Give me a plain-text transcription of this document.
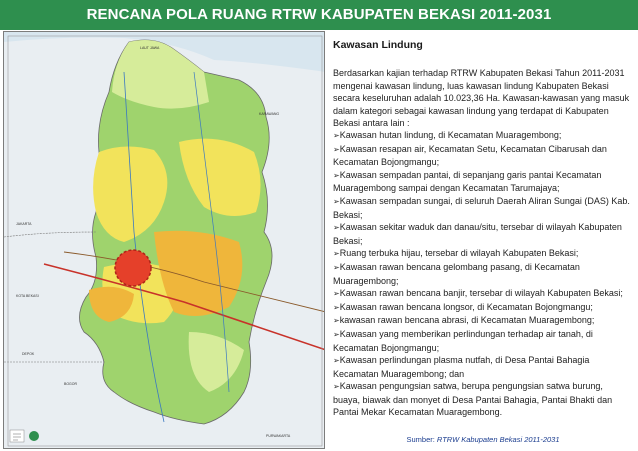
RENCANA POLA RUANG RTRW KABUPATEN BEKASI 2011-2031
LAUT JAWA
KARAWANG
JAKARTA
KOTA BEKASI
DEPOK
BOGOR
PURWAKARTA
Kawasan Lindung
Berdasarkan kajian terhadap RTRW Kabupaten Bekasi Tahun 2011-2031 mengenai kawasan lindung, luas kawasan lindung Kabupaten Bekasi secara keseluruhan adalah 10.023,36 Ha. Kawasan-kawasan yang masuk dalam kategori sebagai kawasan lindung yang terdapat di Kabupaten Bekasi antara lain :
➢Kawasan hutan lindung, di Kecamatan Muaragembong;
➢Kawasan resapan air, Kecamatan Setu, Kecamatan Cibarusah dan Kecamatan Bojongmangu;
➢Kawasan sempadan pantai, di sepanjang garis pantai Kecamatan Muaragembong sampai dengan Kecamatan Tarumajaya;
➢Kawasan sempadan sungai, di seluruh Daerah Aliran Sungai (DAS) Kab. Bekasi;
➢Kawasan sekitar waduk dan danau/situ, tersebar di wilayah Kabupaten Bekasi;
➢Ruang terbuka hijau, tersebar di wilayah Kabupaten Bekasi;
➢Kawasan rawan bencana gelombang pasang, di Kecamatan Muaragembong;
➢Kawasan rawan bencana banjir, tersebar di wilayah Kabupaten Bekasi;
➢Kawasan rawan bencana longsor, di Kecamatan Bojongmangu;
➢kawasan rawan bencana abrasi, di Kecamatan Muaragembong;
➢Kawasan yang memberikan perlindungan terhadap air tanah, di Kecamatan Bojongmangu;
➢Kawasan perlindungan plasma nutfah, di Desa Pantai Bahagia Kecamatan Muaragembong; dan
➢Kawasan pengungsian satwa, berupa pengungsian satwa burung, buaya, biawak dan monyet di Desa Pantai Bahagia, Pantai Bhakti dan Pantai Mekar Kecamatan Muaragembong.
Sumber: RTRW Kabupaten Bekasi 2011-2031
